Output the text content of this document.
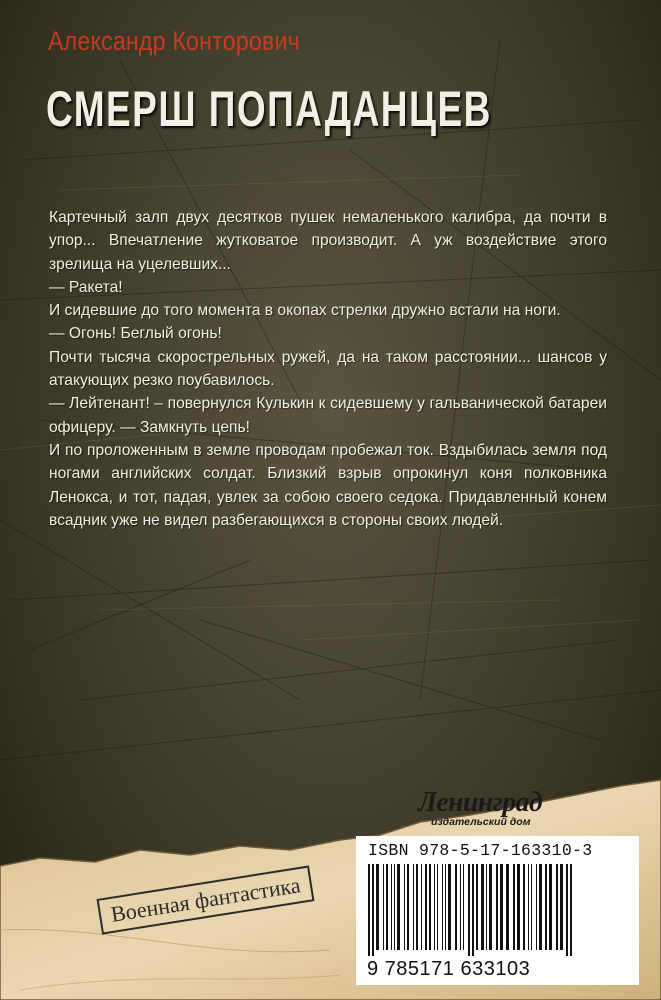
Александр Конторович
СМЕРШ ПОПАДАНЦЕВ

Картечный залп двух десятков пушек немаленького калибра, да почти в упор... Впечатление жутковатое производит. А уж воздействие этого зрелища на уцелевших...

— Ракета!

И сидевшие до того момента в окопах стрелки дружно встали на ноги.

— Огонь! Беглый огонь!

Почти тысяча скорострельных ружей, да на таком расстоянии... шансов у атакующих резко поубавилось.

— Лейтенант! – повернулся Кулькин к сидевшему у гальванической батареи офицеру. — Замкнуть цепь!

И по проложенным в земле проводам пробежал ток. Вздыбилась земля под ногами английских солдат. Близкий взрыв опрокинул коня полковника Ленокса, и тот, падая, увлек за собою своего седока. Придавленный конем всадник уже не видел разбегающихся в стороны своих людей.

Ленинград
издательский дом
ISBN 978-5-17-163310-3
9 785171 633103
Военная фантастика
